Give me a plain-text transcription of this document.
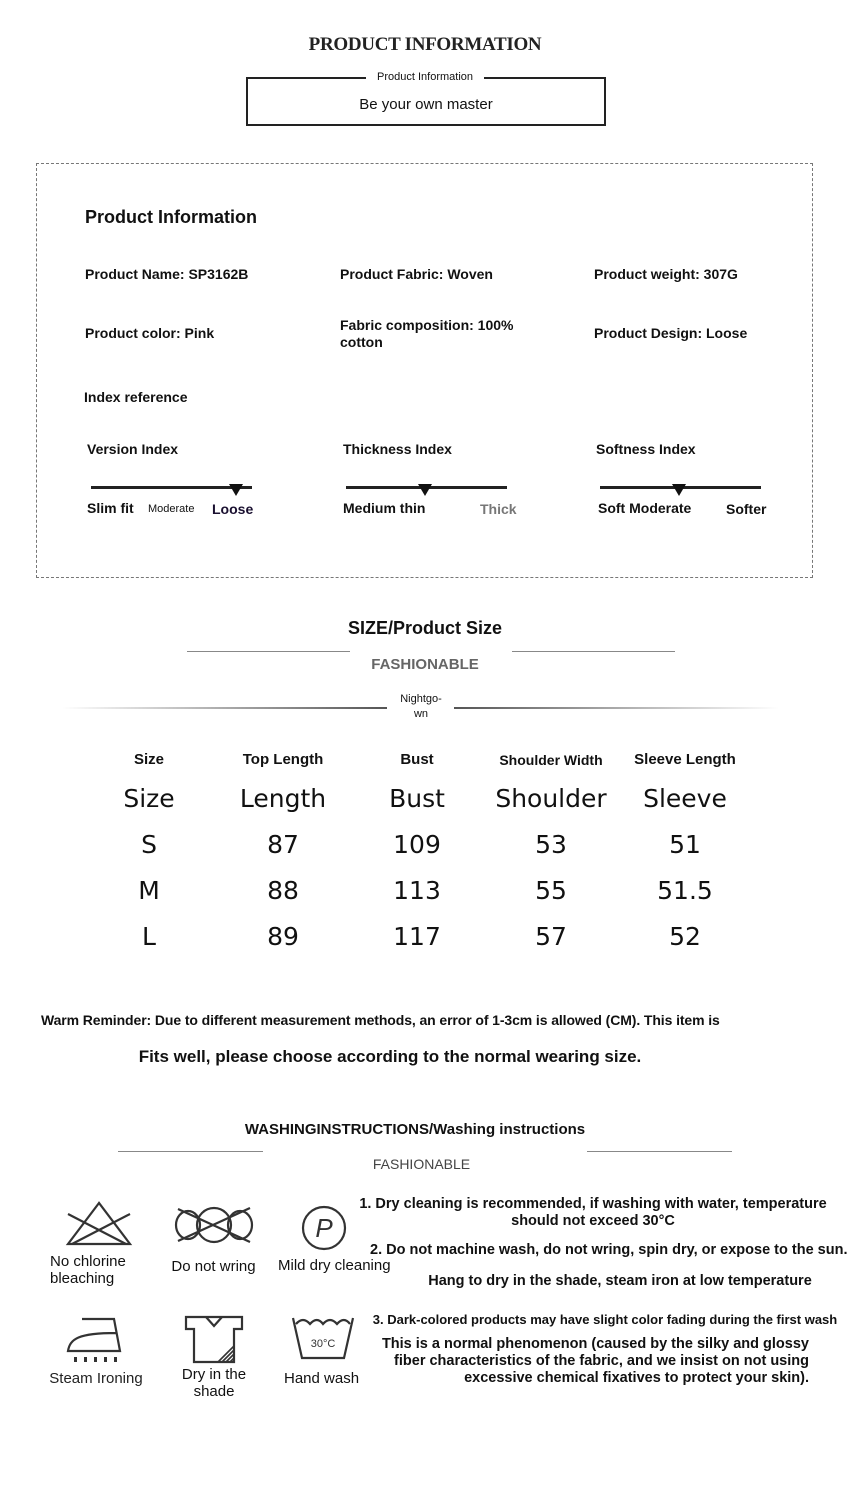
PRODUCT INFORMATION
Product Information
Be your own master
Product Information
Product Name: SP3162B	Product Fabric: Woven	Product weight: 307G
Product color: Pink	Fabric composition: 100% cotton
Product Design: Loose
Index reference
Version Index
Slim fit Moderate Loose
Thickness Index
Medium thin	Thick
Softness Index
Soft Moderate Softer
SIZE/Product Size
FASHIONABLE
Nightgo-
wn
Size	Top Length	Bust	Shoulder Width	Sleeve Length
Size	Length	Bust	Shoulder	Sleeve
S	87	109	53	51
M	88	113	55	51.5
L	89	117	57	52
Warm Reminder: Due to different measurement methods, an error of 1-3cm is allowed (CM). This item is
Fits well, please choose according to the normal wearing size.
WASHINGINSTRUCTIONS/Washing instructions
FASHIONABLE
No chlorine bleaching
Do not wring
P
Mild dry cleaning
Steam Ironing	Dry in the shade
30°C
Hand wash
1. Dry cleaning is recommended, if washing with water, temperature should not exceed 30°C
2. Do not machine wash, do not wring, spin dry, or expose to the sun.
Hang to dry in the shade, steam iron at low temperature
3. Dark-colored products may have slight color fading during the first wash
This is a normal phenomenon (caused by the silky and glossy fiber characteristics of the fabric, and we insist on not using excessive chemical fixatives to protect your skin).
